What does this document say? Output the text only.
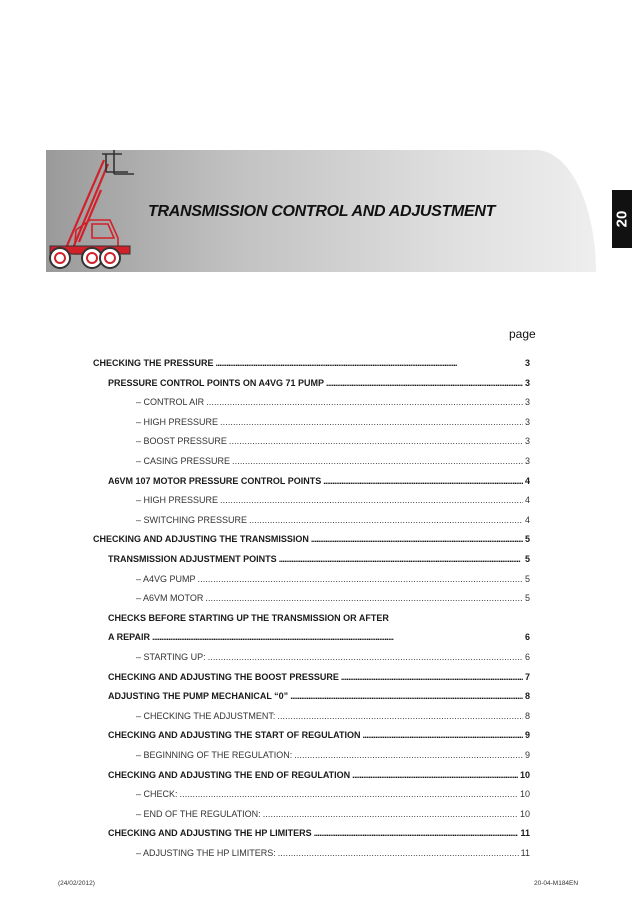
TRANSMISSION CONTROL AND ADJUSTMENT	20
page
CHECKING THE PRESSURE . . .	3
PRESSURE CONTROL POINTS ON A4VG 71 PUMP . . .	3
– CONTROL AIR . . .	3
– HIGH PRESSURE . . .	3
– BOOST PRESSURE . . .	3
– CASING PRESSURE . . .	3
A6VM 107 MOTOR PRESSURE CONTROL POINTS . . .	4
– HIGH PRESSURE . . .	4
– SWITCHING PRESSURE . . .	4
CHECKING AND ADJUSTING THE TRANSMISSION . . .	5
TRANSMISSION ADJUSTMENT POINTS . . .	5
– A4VG PUMP . . .	5
– A6VM MOTOR . . .	5
CHECKS BEFORE STARTING UP THE TRANSMISSION OR AFTER
A REPAIR . . .	6
– STARTING UP: . . .	6
CHECKING AND ADJUSTING THE BOOST PRESSURE . . .	7
ADJUSTING THE PUMP MECHANICAL “0” . . .	8
– CHECKING THE ADJUSTMENT: . . .	8
CHECKING AND ADJUSTING THE START OF REGULATION . . .	9
– BEGINNING OF THE REGULATION: . . .	9
CHECKING AND ADJUSTING THE END OF REGULATION . . .	10
– CHECK: . . .	10
– END OF THE REGULATION: . . .	10
CHECKING AND ADJUSTING THE HP LIMITERS . . .	11
– ADJUSTING THE HP LIMITERS: . . .	11
(24/02/2012)	20-04-M184EN
